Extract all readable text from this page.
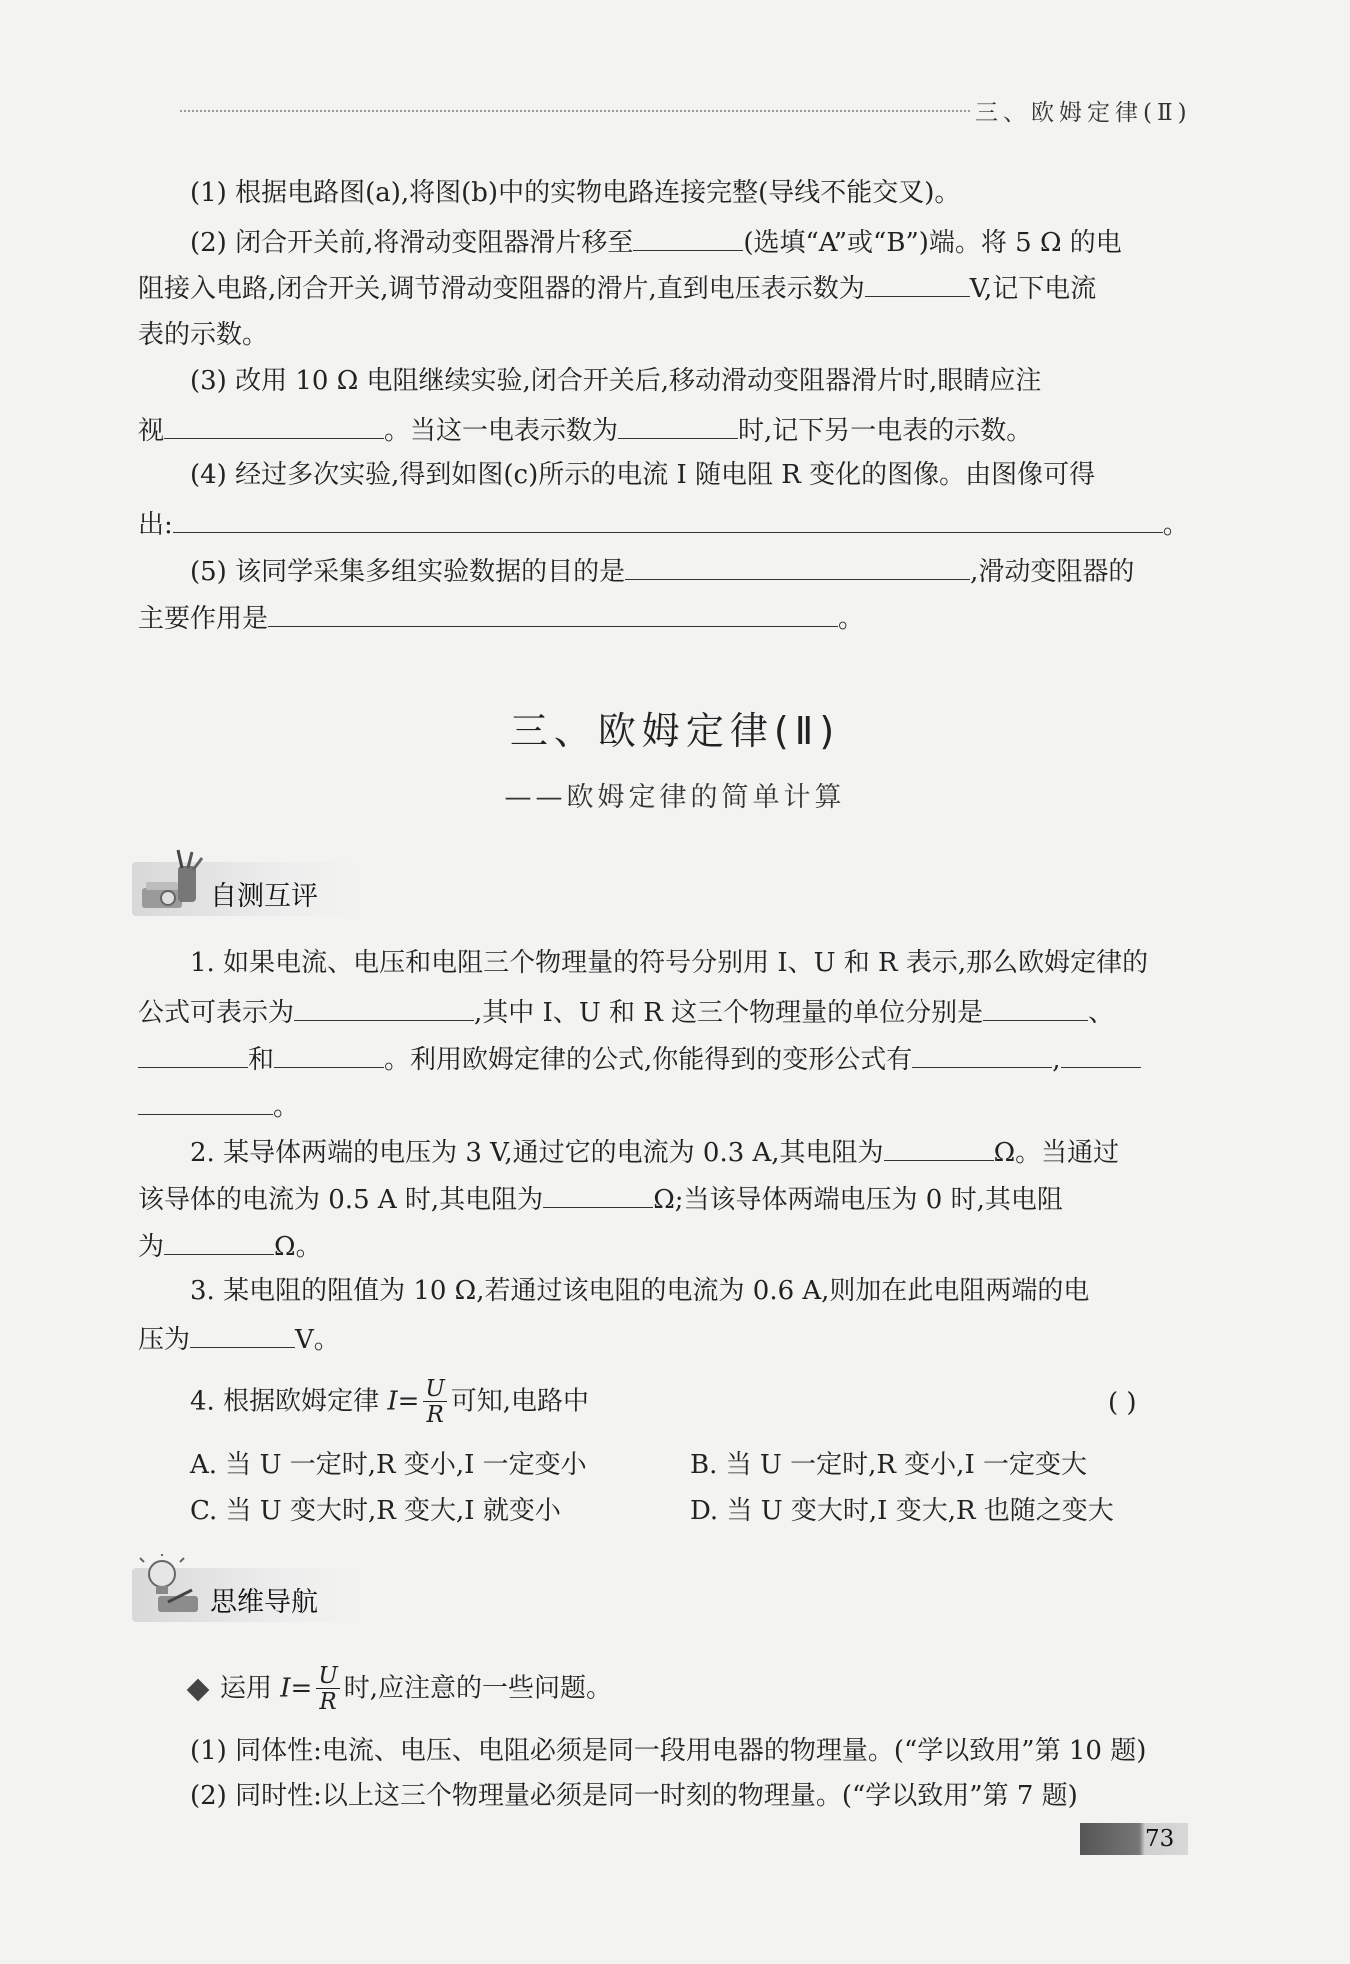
三、欧姆定律(Ⅱ)
(1) 根据电路图(a),将图(b)中的实物电路连接完整(导线不能交叉)。
(2) 闭合开关前,将滑动变阻器滑片移至	(选填“A”或“B”)端。将 5 Ω 的电
阻接入电路,闭合开关,调节滑动变阻器的滑片,直到电压表示数为	V,记下电流
表的示数。
(3) 改用 10 Ω 电阻继续实验,闭合开关后,移动滑动变阻器滑片时,眼睛应注
视	。当这一电表示数为	时,记下另一电表的示数。
(4) 经过多次实验,得到如图(c)所示的电流 I 随电阻 R 变化的图像。由图像可得
出:	。
(5) 该同学采集多组实验数据的目的是	,滑动变阻器的
主要作用是	。
三、欧姆定律(Ⅱ)
——欧姆定律的简单计算
自测互评
1. 如果电流、电压和电阻三个物理量的符号分别用 I、U 和 R 表示,那么欧姆定律的
公式可表示为	,其中 I、U 和 R 这三个物理量的单位分别是	、
和	。利用欧姆定律的公式,你能得到的变形公式有	,
。
2. 某导体两端的电压为 3 V,通过它的电流为 0.3 A,其电阻为	Ω。当通过
该导体的电流为 0.5 A 时,其电阻为	Ω;当该导体两端电压为 0 时,其电阻
为	Ω。
3. 某电阻的阻值为 10 Ω,若通过该电阻的电流为 0.6 A,则加在此电阻两端的电
压为	V。
4. 根据欧姆定律 $I= \frac{U}{R}$ 可知,电路中	( )
A. 当 U 一定时,R 变小,I 一定变小	B. 当 U 一定时,R 变小,I 一定变大
C. 当 U 变大时,R 变大,I 就变小	D. 当 U 变大时,I 变大,R 也随之变大
思维导航
运用 $I= \frac{U}{R}$ 时,应注意的一些问题。
(1) 同体性:电流、电压、电阻必须是同一段用电器的物理量。(“学以致用”第 10 题)
(2) 同时性:以上这三个物理量必须是同一时刻的物理量。(“学以致用”第 7 题)
73
